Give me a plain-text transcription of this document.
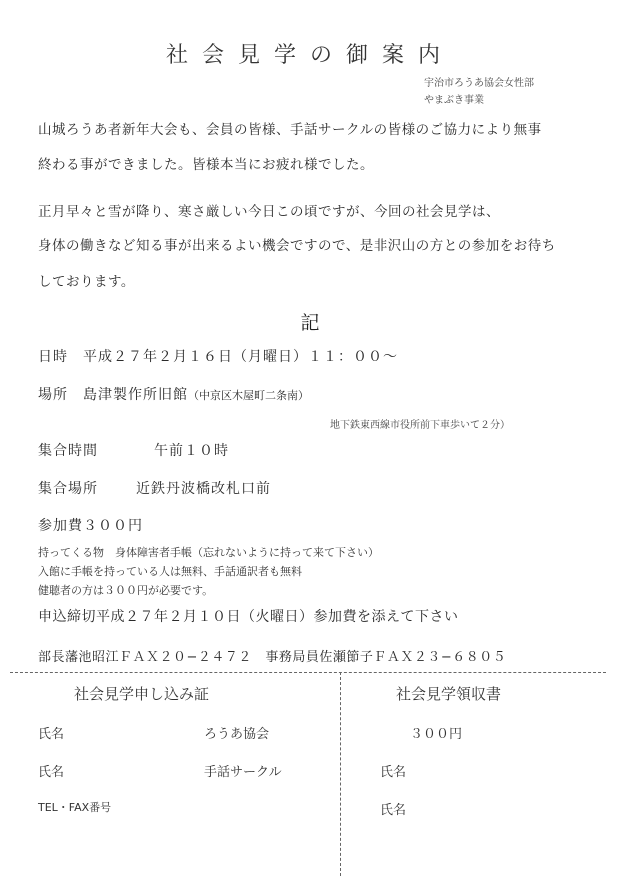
社会見学の御案内
宇治市ろうあ協会女性部
やまぶき事業
山城ろうあ者新年大会も、会員の皆様、手話サークルの皆様のご協力により無事
終わる事ができました。皆様本当にお疲れ様でした。
正月早々と雪が降り、寒さ厳しい今日この頃ですが、今回の社会見学は、
身体の働きなど知る事が出来るよい機会ですので、是非沢山の方との参加をお待ち
しております。
記
日時　平成２７年２月１６日（月曜日）１１：００〜
場所　島津製作所旧館（中京区木屋町二条南）
地下鉄東西線市役所前下車歩いて２分）
集合時間	午前１０時
集合場所	近鉄丹波橋改札口前
参加費３００円
持ってくる物　身体障害者手帳（忘れないように持って来て下さい）
入館に手帳を持っている人は無料、手話通訳者も無料
健聴者の方は３００円が必要です。
申込締切平成２７年２月１０日（火曜日）参加費を添えて下さい
部長藩池昭江ＦＡＸ２０−２４７２　事務局員佐瀬節子ＦＡＸ２３−６８０５
社会見学申し込み証
氏名	ろうあ協会
氏名	手話サークル
TEL・FAX番号
社会見学領収書
３００円
氏名
氏名
